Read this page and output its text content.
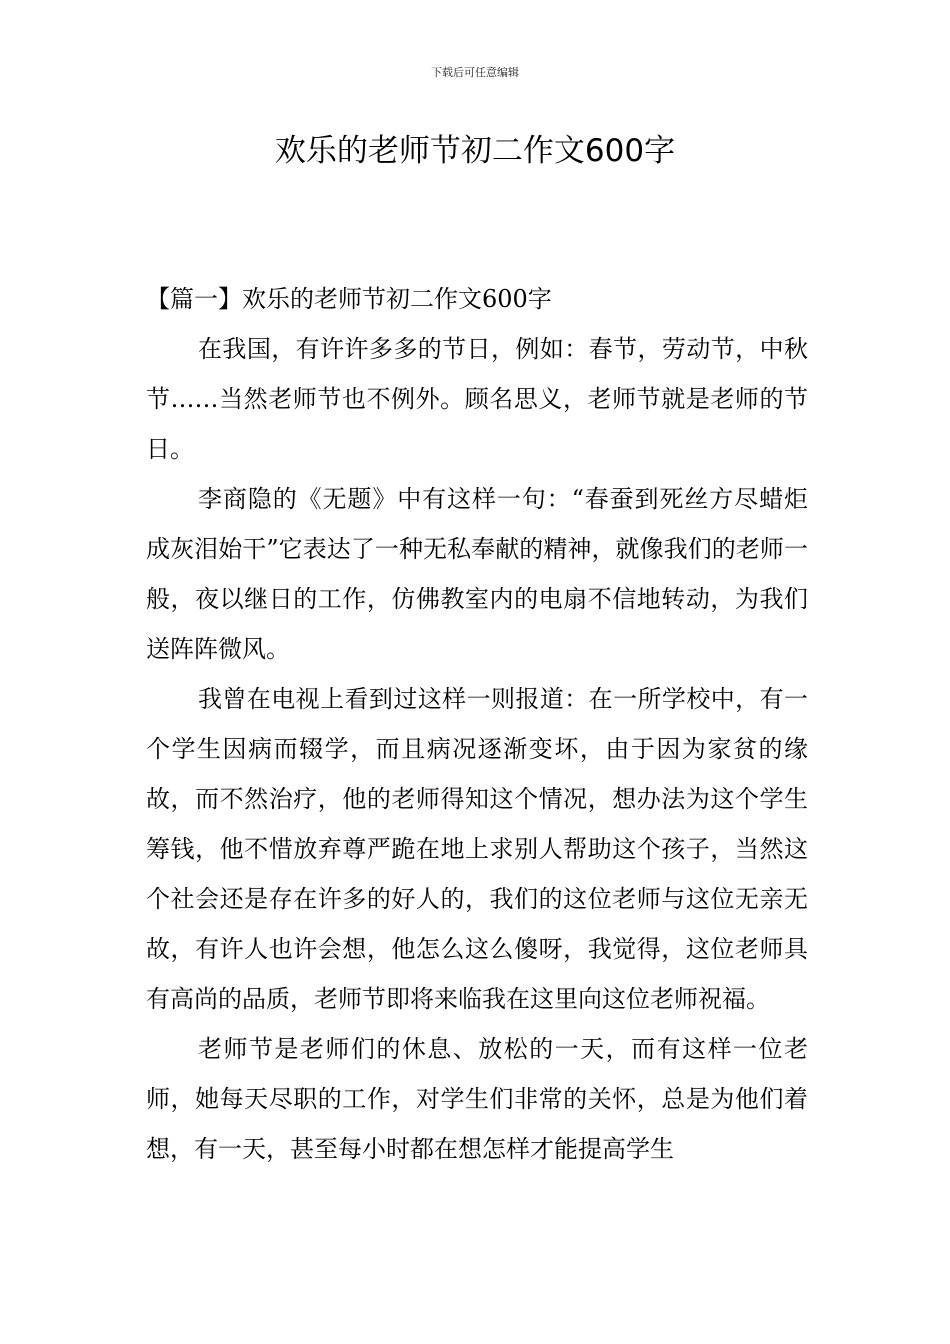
下载后可任意编辑
欢乐的老师节初二作文600字

【篇一】欢乐的老师节初二作文600字

在我国，有许许多多的节日，例如：春节，劳动节，中秋节……当然老师节也不例外。顾名思义，老师节就是老师的节日。

李商隐的《无题》中有这样一句：“春蚕到死丝方尽蜡炬成灰泪始干”它表达了一种无私奉献的精神，就像我们的老师一般，夜以继日的工作，仿佛教室内的电扇不信地转动，为我们送阵阵微风。

我曾在电视上看到过这样一则报道：在一所学校中，有一个学生因病而辍学，而且病况逐渐变坏，由于因为家贫的缘故，而不然治疗，他的老师得知这个情况，想办法为这个学生筹钱，他不惜放弃尊严跪在地上求别人帮助这个孩子，当然这个社会还是存在许多的好人的，我们的这位老师与这位无亲无故，有许人也许会想，他怎么这么傻呀，我觉得，这位老师具有高尚的品质，老师节即将来临我在这里向这位老师祝福。

老师节是老师们的休息、放松的一天，而有这样一位老师，她每天尽职的工作，对学生们非常的关怀，总是为他们着想，有一天，甚至每小时都在想怎样才能提高学生
